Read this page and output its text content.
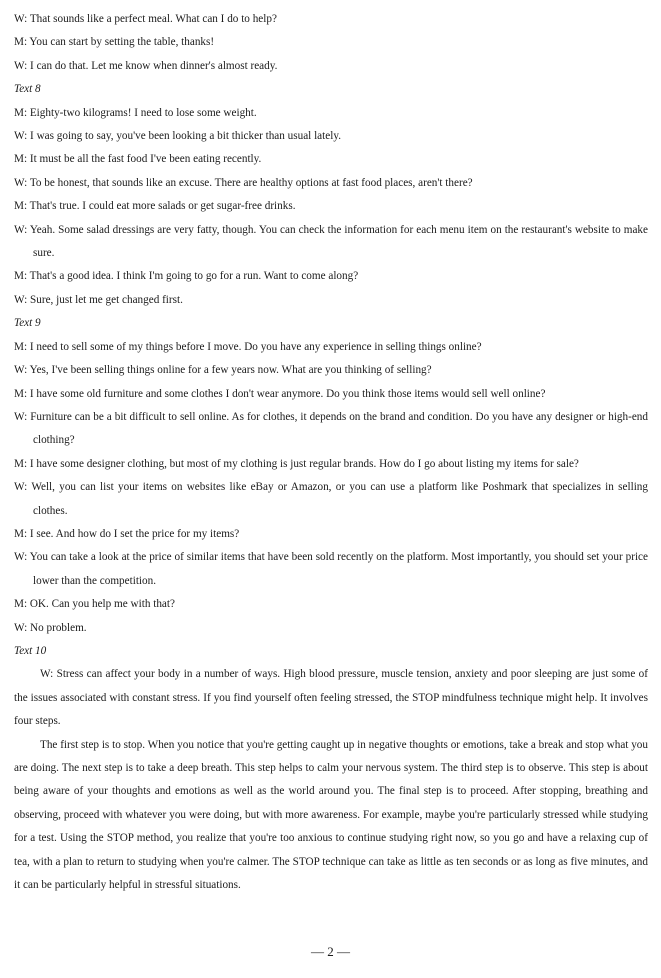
W: That sounds like a perfect meal. What can I do to help?

M: You can start by setting the table, thanks!

W: I can do that. Let me know when dinner's almost ready.

Text 8

M: Eighty-two kilograms! I need to lose some weight.

W: I was going to say, you've been looking a bit thicker than usual lately.

M: It must be all the fast food I've been eating recently.

W: To be honest, that sounds like an excuse. There are healthy options at fast food places, aren't there?

M: That's true. I could eat more salads or get sugar-free drinks.

W: Yeah. Some salad dressings are very fatty, though. You can check the information for each menu item on the restaurant's website to make sure.

M: That's a good idea. I think I'm going to go for a run. Want to come along?

W: Sure, just let me get changed first.

Text 9

M: I need to sell some of my things before I move. Do you have any experience in selling things online?

W: Yes, I've been selling things online for a few years now. What are you thinking of selling?

M: I have some old furniture and some clothes I don't wear anymore. Do you think those items would sell well online?

W: Furniture can be a bit difficult to sell online. As for clothes, it depends on the brand and condition. Do you have any designer or high-end clothing?

M: I have some designer clothing, but most of my clothing is just regular brands. How do I go about listing my items for sale?

W: Well, you can list your items on websites like eBay or Amazon, or you can use a platform like Poshmark that specializes in selling clothes.

M: I see. And how do I set the price for my items?

W: You can take a look at the price of similar items that have been sold recently on the platform. Most importantly, you should set your price lower than the competition.

M: OK. Can you help me with that?

W: No problem.

Text 10

W: Stress can affect your body in a number of ways. High blood pressure, muscle tension, anxiety and poor sleeping are just some of the issues associated with constant stress. If you find yourself often feeling stressed, the STOP mindfulness technique might help. It involves four steps.

The first step is to stop. When you notice that you're getting caught up in negative thoughts or emotions, take a break and stop what you are doing. The next step is to take a deep breath. This step helps to calm your nervous system. The third step is to observe. This step is about being aware of your thoughts and emotions as well as the world around you. The final step is to proceed. After stopping, breathing and observing, proceed with whatever you were doing, but with more awareness. For example, maybe you're particularly stressed while studying for a test. Using the STOP method, you realize that you're too anxious to continue studying right now, so you go and have a relaxing cup of tea, with a plan to return to studying when you're calmer. The STOP technique can take as little as ten seconds or as long as five minutes, and it can be particularly helpful in stressful situations.

— 2 —
